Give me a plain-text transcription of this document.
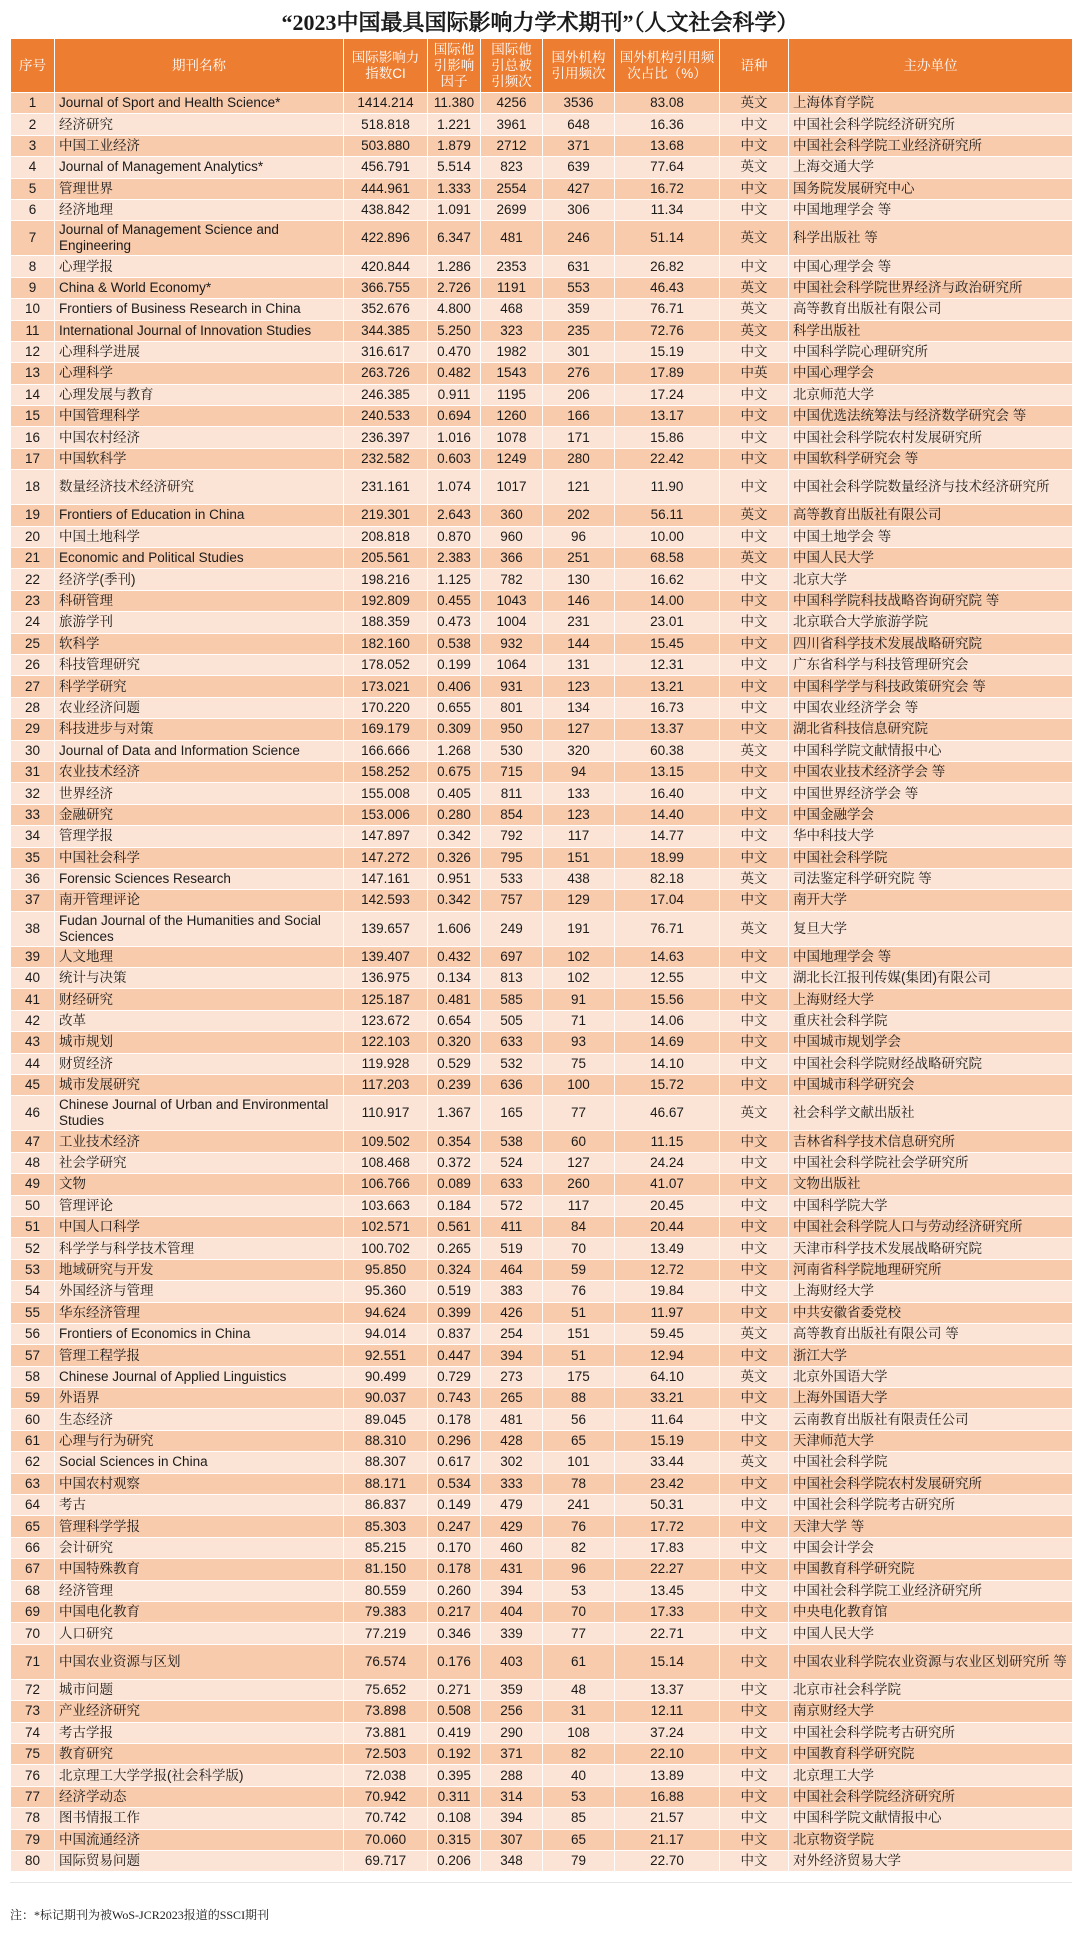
“2023中国最具国际影响力学术期刊”（人文社会科学）
序号	期刊名称	国际影响力指数CI	国际他引影响因子	国际他引总被引频次	国外机构引用频次	国外机构引用频次占比（%）	语种	主办单位
1	Journal of Sport and Health Science*	1414.214	11.380	4256	3536	83.08	英文	上海体育学院
2	经济研究	518.818	1.221	3961	648	16.36	中文	中国社会科学院经济研究所
3	中国工业经济	503.880	1.879	2712	371	13.68	中文	中国社会科学院工业经济研究所
4	Journal of Management Analytics*	456.791	5.514	823	639	77.64	英文	上海交通大学
5	管理世界	444.961	1.333	2554	427	16.72	中文	国务院发展研究中心
6	经济地理	438.842	1.091	2699	306	11.34	中文	中国地理学会 等
7	Journal of Management Science and Engineering	422.896	6.347	481	246	51.14	英文	科学出版社 等
8	心理学报	420.844	1.286	2353	631	26.82	中文	中国心理学会 等
9	China & World Economy*	366.755	2.726	1191	553	46.43	英文	中国社会科学院世界经济与政治研究所
10	Frontiers of Business Research in China	352.676	4.800	468	359	76.71	英文	高等教育出版社有限公司
11	International Journal of Innovation Studies	344.385	5.250	323	235	72.76	英文	科学出版社
12	心理科学进展	316.617	0.470	1982	301	15.19	中文	中国科学院心理研究所
13	心理科学	263.726	0.482	1543	276	17.89	中英	中国心理学会
14	心理发展与教育	246.385	0.911	1195	206	17.24	中文	北京师范大学
15	中国管理科学	240.533	0.694	1260	166	13.17	中文	中国优选法统筹法与经济数学研究会 等
16	中国农村经济	236.397	1.016	1078	171	15.86	中文	中国社会科学院农村发展研究所
17	中国软科学	232.582	0.603	1249	280	22.42	中文	中国软科学研究会 等
18	数量经济技术经济研究	231.161	1.074	1017	121	11.90	中文	中国社会科学院数量经济与技术经济研究所
19	Frontiers of Education in China	219.301	2.643	360	202	56.11	英文	高等教育出版社有限公司
20	中国土地科学	208.818	0.870	960	96	10.00	中文	中国土地学会 等
21	Economic and Political Studies	205.561	2.383	366	251	68.58	英文	中国人民大学
22	经济学(季刊)	198.216	1.125	782	130	16.62	中文	北京大学
23	科研管理	192.809	0.455	1043	146	14.00	中文	中国科学院科技战略咨询研究院 等
24	旅游学刊	188.359	0.473	1004	231	23.01	中文	北京联合大学旅游学院
25	软科学	182.160	0.538	932	144	15.45	中文	四川省科学技术发展战略研究院
26	科技管理研究	178.052	0.199	1064	131	12.31	中文	广东省科学与科技管理研究会
27	科学学研究	173.021	0.406	931	123	13.21	中文	中国科学学与科技政策研究会 等
28	农业经济问题	170.220	0.655	801	134	16.73	中文	中国农业经济学会 等
29	科技进步与对策	169.179	0.309	950	127	13.37	中文	湖北省科技信息研究院
30	Journal of Data and Information Science	166.666	1.268	530	320	60.38	英文	中国科学院文献情报中心
31	农业技术经济	158.252	0.675	715	94	13.15	中文	中国农业技术经济学会 等
32	世界经济	155.008	0.405	811	133	16.40	中文	中国世界经济学会 等
33	金融研究	153.006	0.280	854	123	14.40	中文	中国金融学会
34	管理学报	147.897	0.342	792	117	14.77	中文	华中科技大学
35	中国社会科学	147.272	0.326	795	151	18.99	中文	中国社会科学院
36	Forensic Sciences Research	147.161	0.951	533	438	82.18	英文	司法鉴定科学研究院 等
37	南开管理评论	142.593	0.342	757	129	17.04	中文	南开大学
38	Fudan Journal of the Humanities and Social Sciences	139.657	1.606	249	191	76.71	英文	复旦大学
39	人文地理	139.407	0.432	697	102	14.63	中文	中国地理学会 等
40	统计与决策	136.975	0.134	813	102	12.55	中文	湖北长江报刊传媒(集团)有限公司
41	财经研究	125.187	0.481	585	91	15.56	中文	上海财经大学
42	改革	123.672	0.654	505	71	14.06	中文	重庆社会科学院
43	城市规划	122.103	0.320	633	93	14.69	中文	中国城市规划学会
44	财贸经济	119.928	0.529	532	75	14.10	中文	中国社会科学院财经战略研究院
45	城市发展研究	117.203	0.239	636	100	15.72	中文	中国城市科学研究会
46	Chinese Journal of Urban and Environmental Studies	110.917	1.367	165	77	46.67	英文	社会科学文献出版社
47	工业技术经济	109.502	0.354	538	60	11.15	中文	吉林省科学技术信息研究所
48	社会学研究	108.468	0.372	524	127	24.24	中文	中国社会科学院社会学研究所
49	文物	106.766	0.089	633	260	41.07	中文	文物出版社
50	管理评论	103.663	0.184	572	117	20.45	中文	中国科学院大学
51	中国人口科学	102.571	0.561	411	84	20.44	中文	中国社会科学院人口与劳动经济研究所
52	科学学与科学技术管理	100.702	0.265	519	70	13.49	中文	天津市科学技术发展战略研究院
53	地域研究与开发	95.850	0.324	464	59	12.72	中文	河南省科学院地理研究所
54	外国经济与管理	95.360	0.519	383	76	19.84	中文	上海财经大学
55	华东经济管理	94.624	0.399	426	51	11.97	中文	中共安徽省委党校
56	Frontiers of Economics in China	94.014	0.837	254	151	59.45	英文	高等教育出版社有限公司 等
57	管理工程学报	92.551	0.447	394	51	12.94	中文	浙江大学
58	Chinese Journal of Applied Linguistics	90.499	0.729	273	175	64.10	英文	北京外国语大学
59	外语界	90.037	0.743	265	88	33.21	中文	上海外国语大学
60	生态经济	89.045	0.178	481	56	11.64	中文	云南教育出版社有限责任公司
61	心理与行为研究	88.310	0.296	428	65	15.19	中文	天津师范大学
62	Social Sciences in China	88.307	0.617	302	101	33.44	英文	中国社会科学院
63	中国农村观察	88.171	0.534	333	78	23.42	中文	中国社会科学院农村发展研究所
64	考古	86.837	0.149	479	241	50.31	中文	中国社会科学院考古研究所
65	管理科学学报	85.303	0.247	429	76	17.72	中文	天津大学 等
66	会计研究	85.215	0.170	460	82	17.83	中文	中国会计学会
67	中国特殊教育	81.150	0.178	431	96	22.27	中文	中国教育科学研究院
68	经济管理	80.559	0.260	394	53	13.45	中文	中国社会科学院工业经济研究所
69	中国电化教育	79.383	0.217	404	70	17.33	中文	中央电化教育馆
70	人口研究	77.219	0.346	339	77	22.71	中文	中国人民大学
71	中国农业资源与区划	76.574	0.176	403	61	15.14	中文	中国农业科学院农业资源与农业区划研究所 等
72	城市问题	75.652	0.271	359	48	13.37	中文	北京市社会科学院
73	产业经济研究	73.898	0.508	256	31	12.11	中文	南京财经大学
74	考古学报	73.881	0.419	290	108	37.24	中文	中国社会科学院考古研究所
75	教育研究	72.503	0.192	371	82	22.10	中文	中国教育科学研究院
76	北京理工大学学报(社会科学版)	72.038	0.395	288	40	13.89	中文	北京理工大学
77	经济学动态	70.942	0.311	314	53	16.88	中文	中国社会科学院经济研究所
78	图书情报工作	70.742	0.108	394	85	21.57	中文	中国科学院文献情报中心
79	中国流通经济	70.060	0.315	307	65	21.17	中文	北京物资学院
80	国际贸易问题	69.717	0.206	348	79	22.70	中文	对外经济贸易大学
注：*标记期刊为被WoS-JCR2023报道的SSCI期刊
